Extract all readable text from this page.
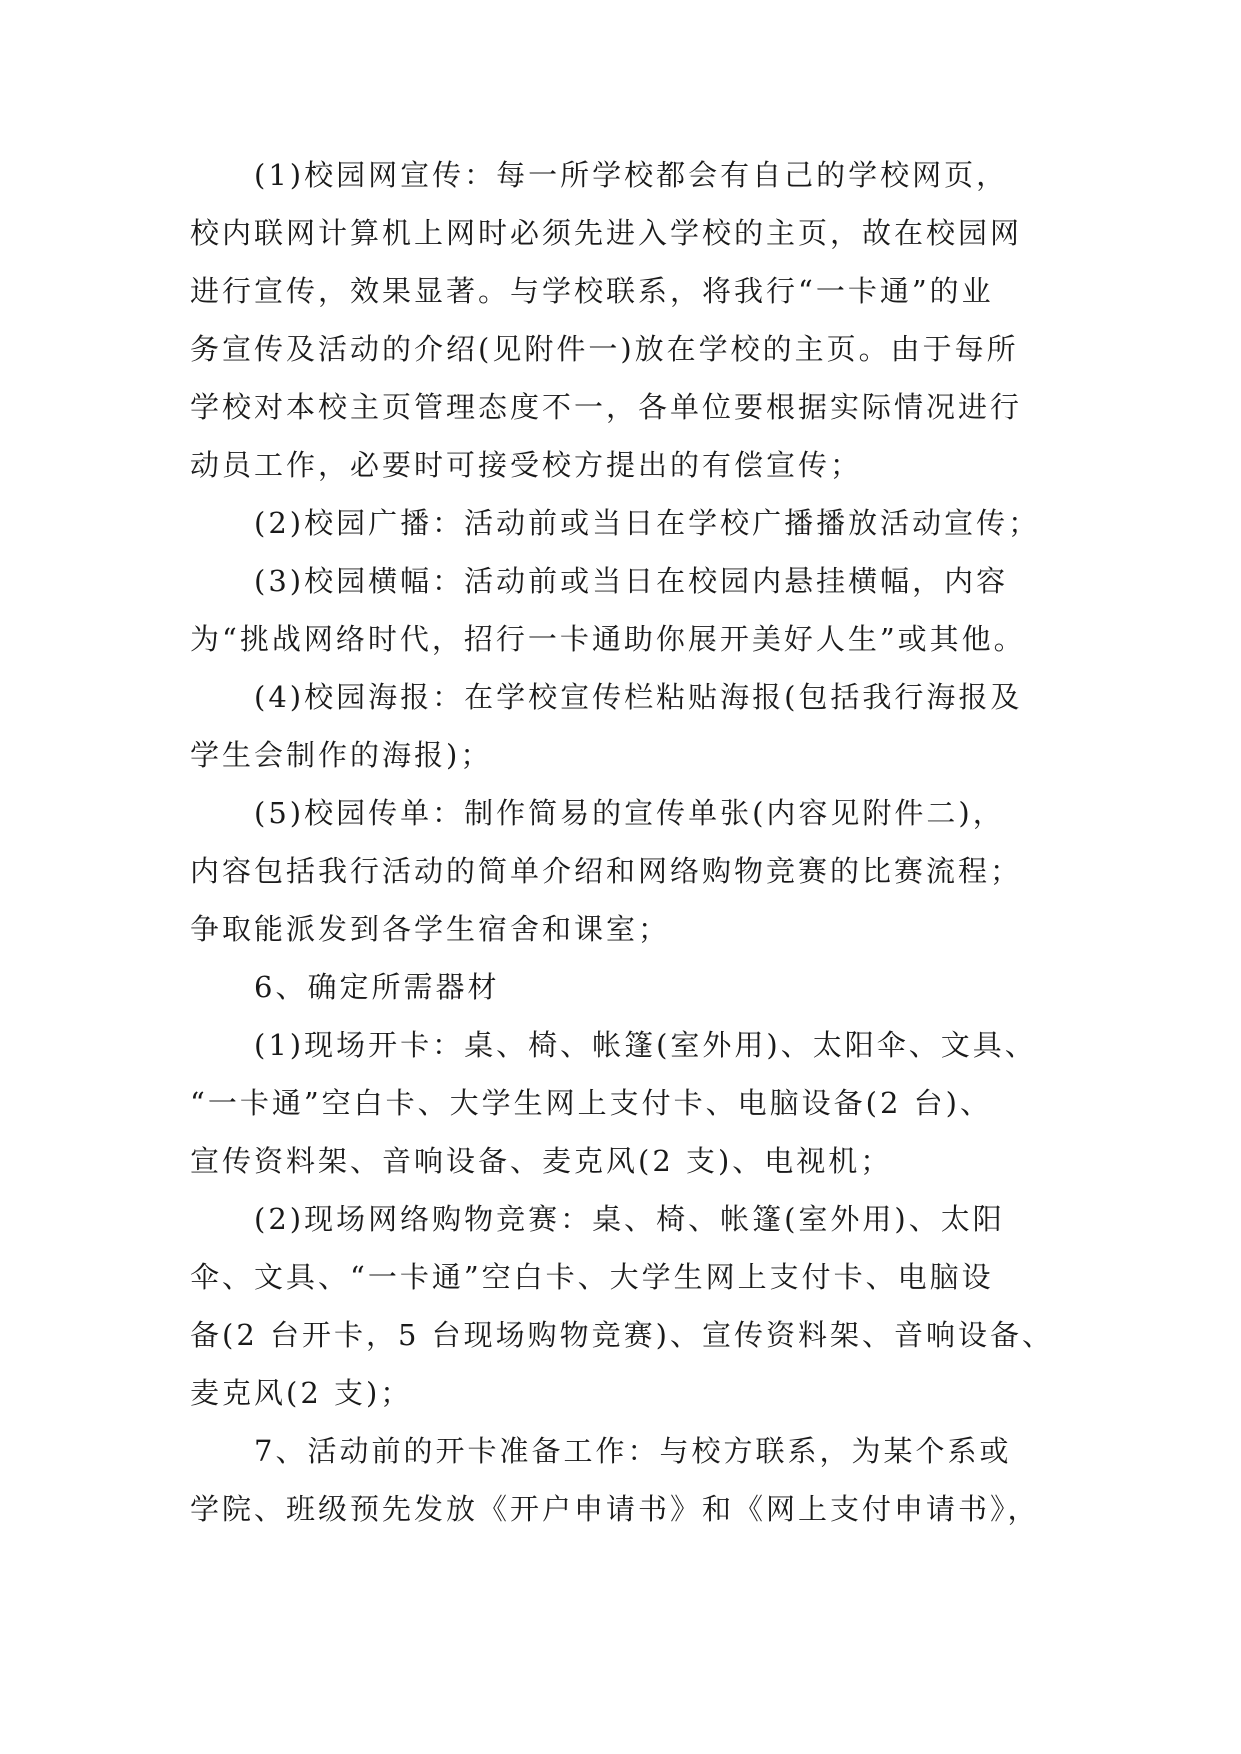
(1)校园网宣传：每一所学校都会有自己的学校网页，
校内联网计算机上网时必须先进入学校的主页，故在校园网
进行宣传，效果显著。与学校联系，将我行“一卡通”的业
务宣传及活动的介绍(见附件一)放在学校的主页。由于每所
学校对本校主页管理态度不一，各单位要根据实际情况进行
动员工作，必要时可接受校方提出的有偿宣传；
(2)校园广播：活动前或当日在学校广播播放活动宣传；
(3)校园横幅：活动前或当日在校园内悬挂横幅，内容
为“挑战网络时代，招行一卡通助你展开美好人生”或其他。
(4)校园海报：在学校宣传栏粘贴海报(包括我行海报及
学生会制作的海报)；
(5)校园传单：制作简易的宣传单张(内容见附件二)，
内容包括我行活动的简单介绍和网络购物竞赛的比赛流程；
争取能派发到各学生宿舍和课室；
6、确定所需器材
(1)现场开卡：桌、椅、帐篷(室外用)、太阳伞、文具、
“一卡通”空白卡、大学生网上支付卡、电脑设备(2 台)、
宣传资料架、音响设备、麦克风(2 支)、电视机；
(2)现场网络购物竞赛：桌、椅、帐篷(室外用)、太阳
伞、文具、“一卡通”空白卡、大学生网上支付卡、电脑设
备(2 台开卡，5 台现场购物竞赛)、宣传资料架、音响设备、
麦克风(2 支)；
7、活动前的开卡准备工作：与校方联系，为某个系或
学院、班级预先发放《开户申请书》和《网上支付申请书》，
